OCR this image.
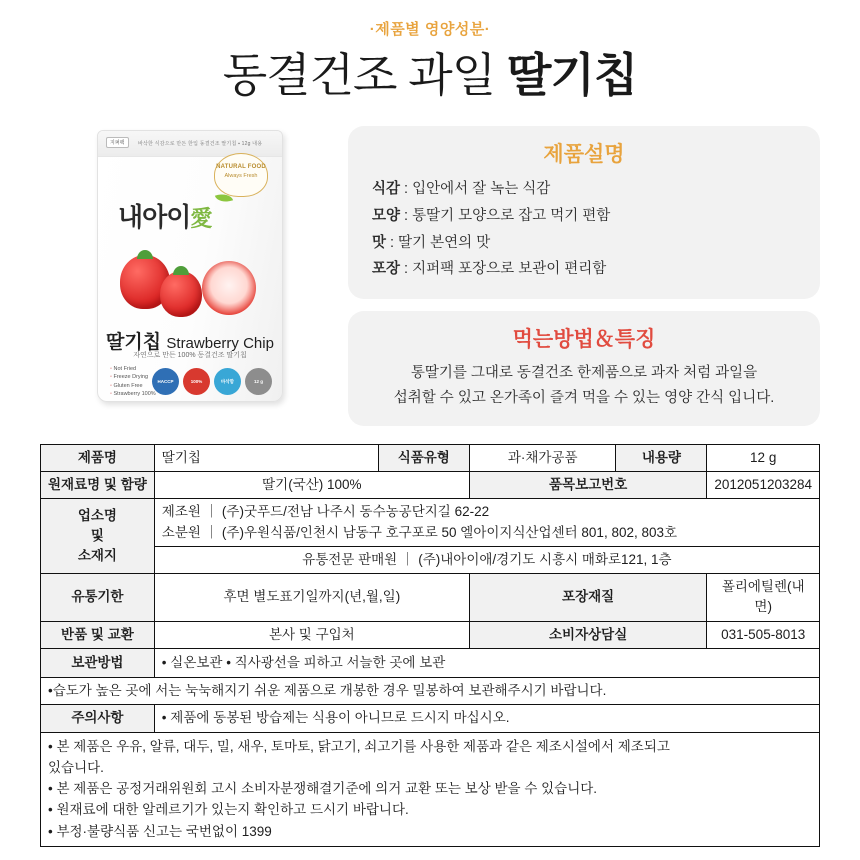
·제품별 영양성분·
동결건조 과일 딸기칩
지퍼팩	바삭한 식감으로 만든 한입 동결건조 딸기칩 ▪ 12g 내용
NATURAL FOOD
Always Fresh
내아이愛
딸기칩 Strawberry Chip
자연으로 만든 100% 동결건조 딸기칩
◦ Not Fried
◦ Freeze Drying
◦ Gluten Free
◦ Strawberry 100%
HACCP	100%	바삭함	12 g
제품설명
식감 : 입안에서 잘 녹는 식감
모양 : 통딸기 모양으로 잡고 먹기 편함
맛 : 딸기 본연의 맛
포장 : 지퍼팩 포장으로 보관이 편리함
먹는방법＆특징
통딸기를 그대로 동결건조 한제품으로 과자 처럼 과일을
섭취할 수 있고 온가족이 즐겨 먹을 수 있는 영양 간식 입니다.
제품명	딸기칩	식품유형	과·채가공품	내용량	12 g
원재료명 및 함량	딸기(국산) 100%		품목보고번호		2012051203284

업소명
및
소재지

제조원 ｜ (주)굿푸드/전남 나주시 동수농공단지길 62-22
소분원 ｜ (주)우원식품/인천시 남동구 호구포로 50 엘아이지식산업센터 801, 802, 803호

	유통전문 판매원 ｜ (주)내아이애/경기도 시흥시 매화로121, 1층				
유통기한	후면 별도표기일까지(년,월,일)		포장재질		폴리에틸렌(내면)
반품 및 교환	본사 및 구입처		소비자상담실		031-505-8013
보관방법	• 실온보관 • 직사광선을 피하고 서늘한 곳에 보관				

•습도가 높은 곳에 서는 눅눅해지기 쉬운 제품으로 개봉한 경우 밀봉하여 보관해주시기 바랍니다.					
주의사항	• 제품에 동봉된 방습제는 식용이 아니므로 드시지 마십시오.				

• 본 제품은 우유, 알류, 대두, 밀, 새우, 토마토, 닭고기, 쇠고기를 사용한 제품과 같은 제조시설에서 제조되고
있습니다.
• 본 제품은 공정거래위원회 고시 소비자분쟁해결기준에 의거 교환 또는 보상 받을 수 있습니다.
• 원재료에 대한 알레르기가 있는지 확인하고 드시기 바랍니다.
• 부정·불량식품 신고는 국번없이 1399					
